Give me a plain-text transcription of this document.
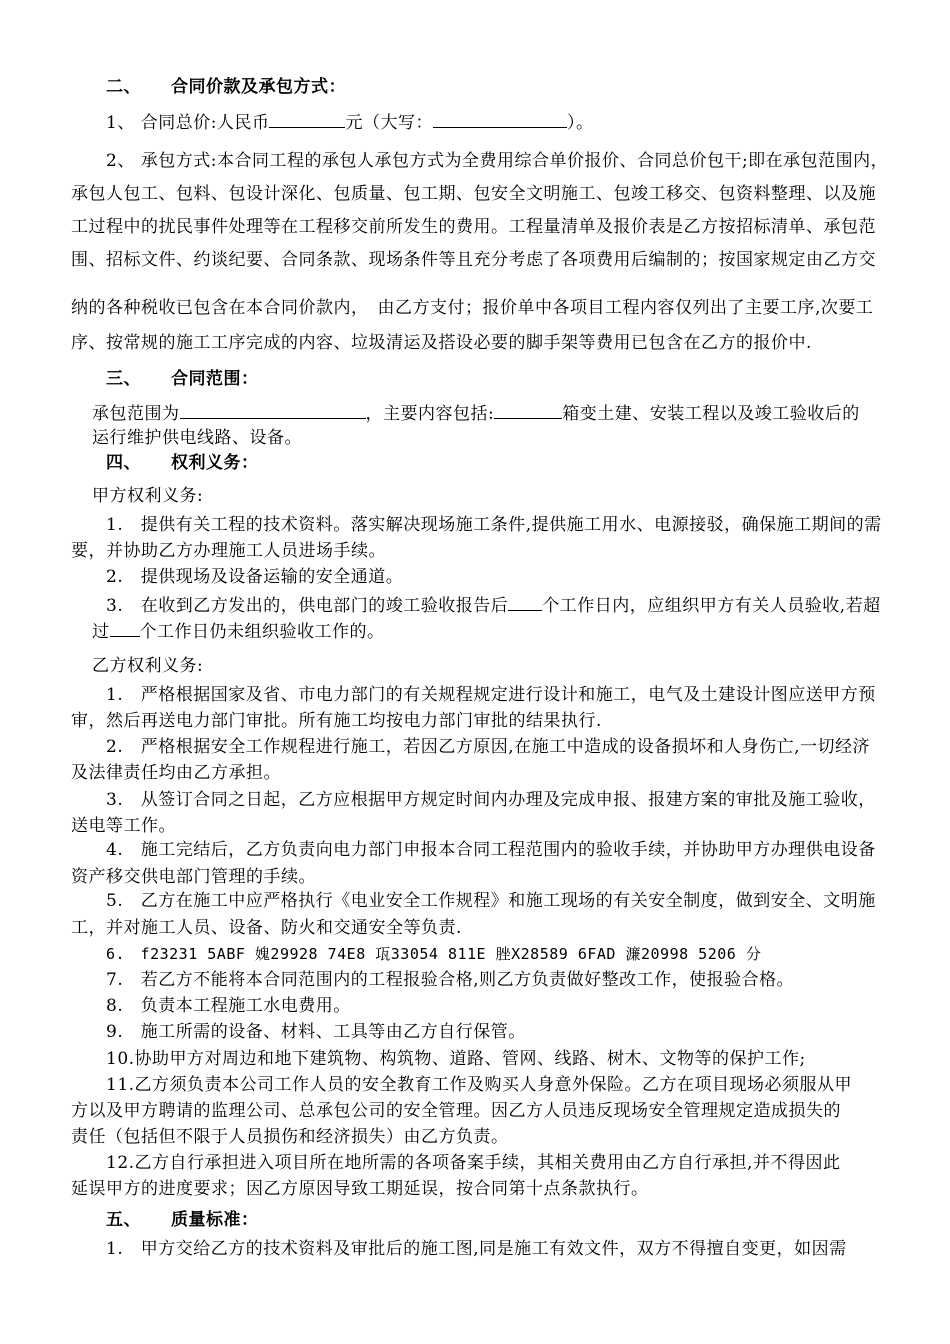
二、 合同价款及承包方式：
1、 合同总价:人民币	元（大写：	）。
2、 承包方式:本合同工程的承包人承包方式为全费用综合单价报价、合同总价包干;即在承包范围内，
承包人包工、包料、包设计深化、包质量、包工期、包安全文明施工、包竣工移交、包资料整理、以及施
工过程中的扰民事件处理等在工程移交前所发生的费用。工程量清单及报价表是乙方按招标清单、承包范
围、招标文件、约谈纪要、合同条款、现场条件等且充分考虑了各项费用后编制的；按国家规定由乙方交
纳的各种税收已包含在本合同价款内，　由乙方支付；报价单中各项目工程内容仅列出了主要工序,次要工
序、按常规的施工工序完成的内容、垃圾清运及搭设必要的脚手架等费用已包含在乙方的报价中.
三、 合同范围：
承包范围为	，主要内容包括:	箱变土建、安装工程以及竣工验收后的
运行维护供电线路、设备。
四、 权利义务：
甲方权利义务:
1.　提供有关工程的技术资料。落实解决现场施工条件,提供施工用水、电源接驳，确保施工期间的需
要，并协助乙方办理施工人员进场手续。
2.　提供现场及设备运输的安全通道。
3.　在收到乙方发出的，供电部门的竣工验收报告后 个工作日内，应组织甲方有关人员验收,若超
过 个工作日仍未组织验收工作的。
乙方权利义务:
1.　严格根据国家及省、市电力部门的有关规程规定进行设计和施工，电气及土建设计图应送甲方预
审，然后再送电力部门审批。所有施工均按电力部门审批的结果执行.
2.　严格根据安全工作规程进行施工，若因乙方原因,在施工中造成的设备损坏和人身伤亡,一切经济
及法律责任均由乙方承担。
3.　从签订合同之日起，乙方应根据甲方规定时间内办理及完成申报、报建方案的审批及施工验收，
送电等工作。
4.　施工完结后，乙方负责向电力部门申报本合同工程范围内的验收手续，并协助甲方办理供电设备
资产移交供电部门管理的手续。
5.　乙方在施工中应严格执行《电业安全工作规程》和施工现场的有关安全制度，做到安全、文明施
工，并对施工人员、设备、防火和交通安全等负责.
6.　f23231 5ABF 媿29928 74E8 瓨33054 811E 脞X28589 6FAD 濂20998 5206 分
7.　若乙方不能将本合同范围内的工程报验合格,则乙方负责做好整改工作，使报验合格。
8.　负责本工程施工水电费用。
9.　施工所需的设备、材料、工具等由乙方自行保管。
10.协助甲方对周边和地下建筑物、构筑物、道路、管网、线路、树木、文物等的保护工作;
11.乙方须负责本公司工作人员的安全教育工作及购买人身意外保险。乙方在项目现场必须服从甲
方以及甲方聘请的监理公司、总承包公司的安全管理。因乙方人员违反现场安全管理规定造成损失的
责任（包括但不限于人员损伤和经济损失）由乙方负责。
12.乙方自行承担进入项目所在地所需的各项备案手续，其相关费用由乙方自行承担,并不得因此
延误甲方的进度要求；因乙方原因导致工期延误，按合同第十点条款执行。
五、 质量标准：
1.　甲方交给乙方的技术资料及审批后的施工图,同是施工有效文件，双方不得擅自变更，如因需
